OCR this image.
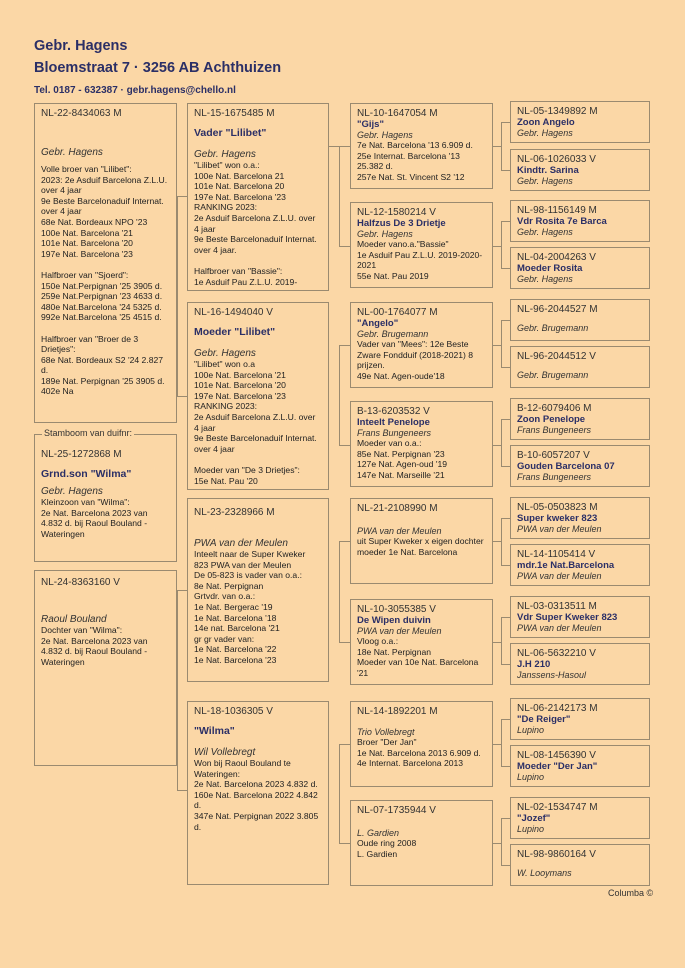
Gebr. Hagens
Bloemstraat 7 · 3256 AB Achthuizen
Tel. 0187 - 632387 · gebr.hagens@chello.nl
NL-22-8434063 M
Gebr. Hagens
Volle broer van "Lilibet":
2023: 2e Asduif Barcelona Z.L.U. over 4 jaar
9e Beste Barcelonaduif Internat. over 4 jaar
68e Nat. Bordeaux NPO '23
100e Nat. Barcelona '21
101e Nat. Barcelona '20
197e Nat. Barcelona '23

Halfbroer van "Sjoerd":
150e Nat.Perpignan '25 3905 d.
259e Nat.Perpignan '23 4633 d.
480e Nat.Barcelona '24 5325 d.
992e Nat.Barcelona '25 4515 d.

Halfbroer van "Broer de 3 Drietjes":
68e Nat. Bordeaux S2 '24 2.827 d.
189e Nat. Perpignan '25 3905 d.
402e Na
NL-25-1272868 M
Grnd.son "Wilma"
Gebr. Hagens
Kleinzoon van "Wilma":
2e Nat. Barcelona 2023 van 4.832 d. bij Raoul Bouland - Wateringen
Stamboom van duifnr:
NL-24-8363160 V
Raoul Bouland
Dochter van "Wilma":
2e Nat. Barcelona 2023 van 4.832 d. bij Raoul Bouland - Wateringen
NL-15-1675485 M
Vader "Lilibet"
Gebr. Hagens
"Lilibet" won o.a.:
100e Nat. Barcelona 21
101e Nat. Barcelona 20
197e Nat. Barcelona '23
RANKING 2023:
2e Asduif Barcelona Z.L.U. over 4 jaar
9e Beste Barcelonaduif Internat. over 4 jaar.

Halfbroer van "Bassie":
1e Asduif Pau Z.L.U. 2019-
NL-16-1494040 V
Moeder "Lilibet"
Gebr. Hagens
"Lilibet" won o.a
100e Nat. Barcelona '21
101e Nat. Barcelona '20
197e Nat. Barcelona '23
RANKING 2023:
2e Asduif Barcelona Z.L.U. over 4 jaar
9e Beste Barcelonaduif Internat. over 4 jaar

Moeder van "De 3 Drietjes":
15e Nat. Pau '20
NL-23-2328966 M
PWA van der Meulen
Inteelt naar de Super Kweker 823 PWA van der Meulen
De 05-823 is vader van o.a.:
8e Nat. Perpignan
Grtvdr. van o.a.:
1e Nat. Bergerac '19
1e Nat. Barcelona '18
14e nat. Barcelona '21
gr gr vader van:
1e Nat. Barcelona '22
1e Nat. Barcelona '23
NL-18-1036305 V
"Wilma"
Wil Vollebregt
Won bij Raoul Bouland te Wateringen:
2e Nat. Barcelona 2023 4.832 d.
160e Nat. Barcelona 2022 4.842 d.
347e Nat. Perpignan 2022 3.805 d.
NL-10-1647054 M
"Gijs"
Gebr. Hagens
7e Nat. Barcelona '13 6.909 d.
25e Internat. Barcelona '13
25.382 d.
257e Nat. St. Vincent S2 '12
NL-12-1580214 V
Halfzus De 3 Drietje
Gebr. Hagens
Moeder vano.a."Bassie"
1e Asduif Pau Z.L.U. 2019-2020-2021
55e Nat. Pau 2019
NL-00-1764077 M
"Angelo"
Gebr. Brugemann
Vader van "Mees": 12e Beste Zware Fondduif (2018-2021) 8 prijzen.
49e Nat. Agen-oude'18
B-13-6203532 V
Inteelt Penelope
Frans Bungeneers
Moeder van o.a.:
85e Nat. Perpignan '23
127e Nat. Agen-oud '19
147e Nat. Marseille '21
NL-21-2108990 M
PWA van der Meulen
uit Super Kweker x eigen dochter moeder 1e Nat. Barcelona
NL-10-3055385 V
De Wipen duivin
PWA van der Meulen
Vloog o.a.:
18e Nat. Perpignan
Moeder van 10e Nat. Barcelona '21
NL-14-1892201 M
Trio Vollebregt
Broer "Der Jan"
1e Nat. Barcelona 2013 6.909 d.
4e Internat. Barcelona 2013
NL-07-1735944 V
L. Gardien
Oude ring 2008
L. Gardien
NL-05-1349892 M
Zoon Angelo
Gebr. Hagens
NL-06-1026033 V
Kindtr. Sarina
Gebr. Hagens
NL-98-1156149 M
Vdr Rosita 7e Barca
Gebr. Hagens
NL-04-2004263 V
Moeder Rosita
Gebr. Hagens
NL-96-2044527 M
Gebr. Brugemann
NL-96-2044512 V
Gebr. Brugemann
B-12-6079406 M
Zoon Penelope
Frans Bungeneers
B-10-6057207 V
Gouden Barcelona 07
Frans Bungeneers
NL-05-0503823 M
Super kweker 823
PWA van der Meulen
NL-14-1105414 V
mdr.1e Nat.Barcelona
PWA van der Meulen
NL-03-0313511 M
Vdr Super Kweker 823
PWA van der Meulen
NL-06-5632210 V
J.H 210
Janssens-Hasoul
NL-06-2142173 M
"De Reiger"
Lupino
NL-08-1456390 V
Moeder "Der Jan"
Lupino
NL-02-1534747 M
"Jozef"
Lupino
NL-98-9860164 V
W. Looymans
Columba ©
